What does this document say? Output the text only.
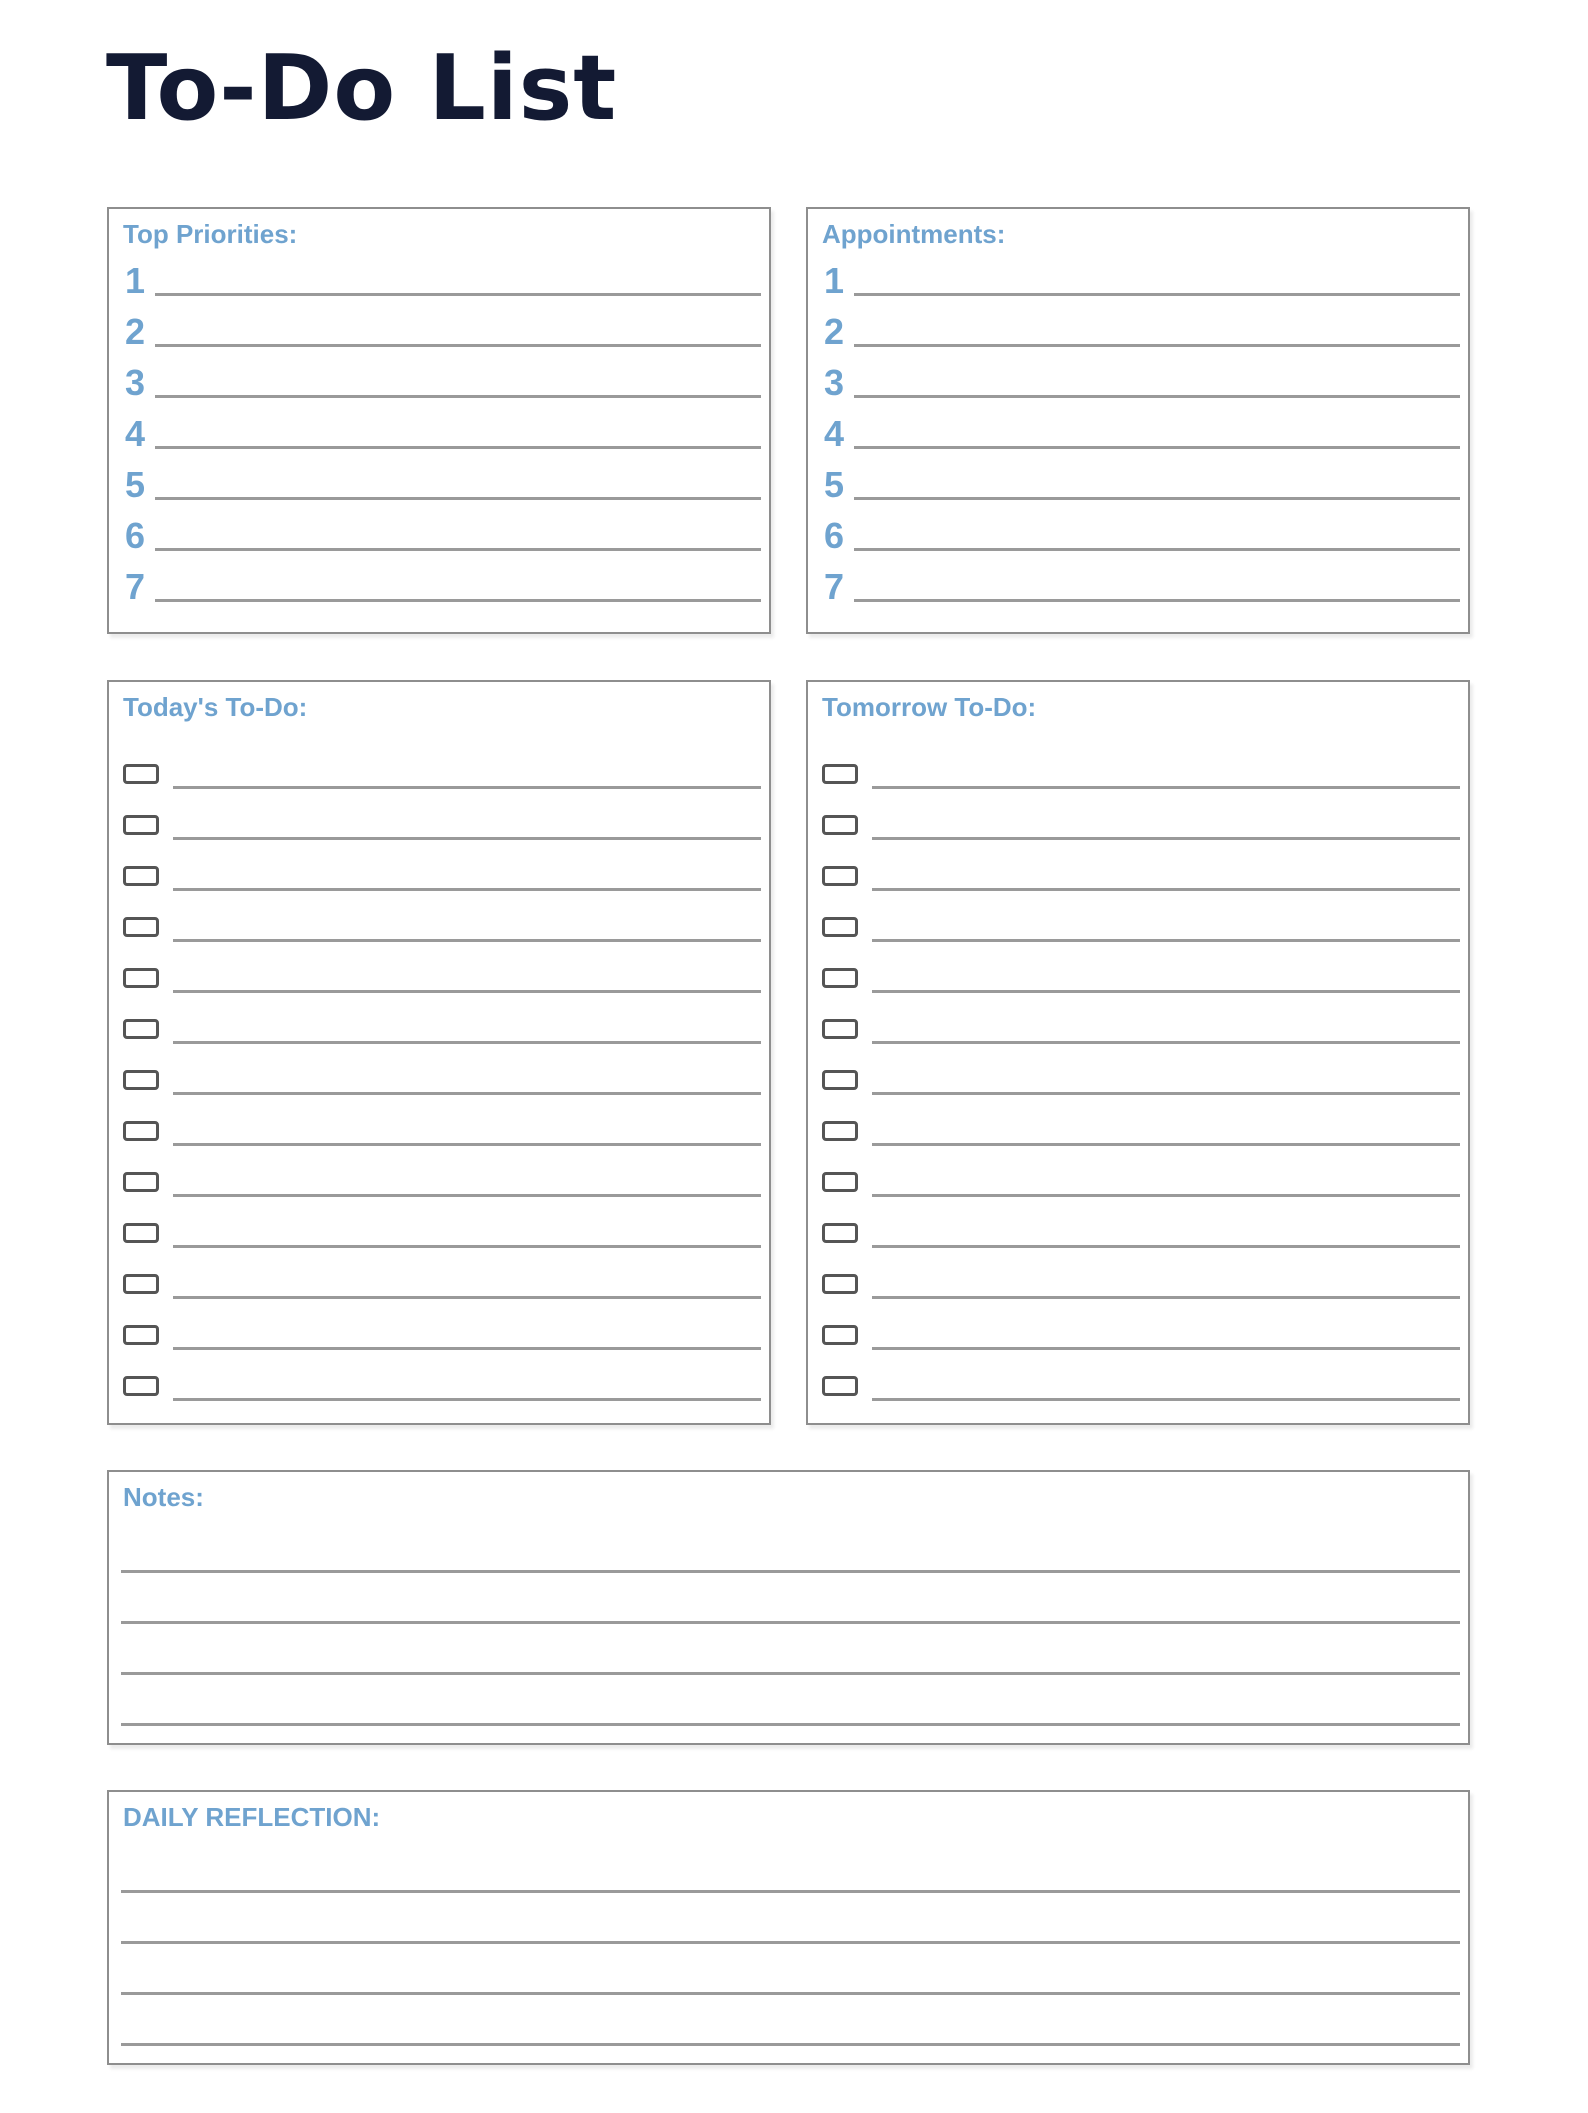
To-Do List
Top Priorities:
1
2
3
4
5
6
7
Appointments:
1
2
3
4
5
6
7
Today's To-Do:	Tomorrow To-Do:
Notes:
DAILY REFLECTION:
